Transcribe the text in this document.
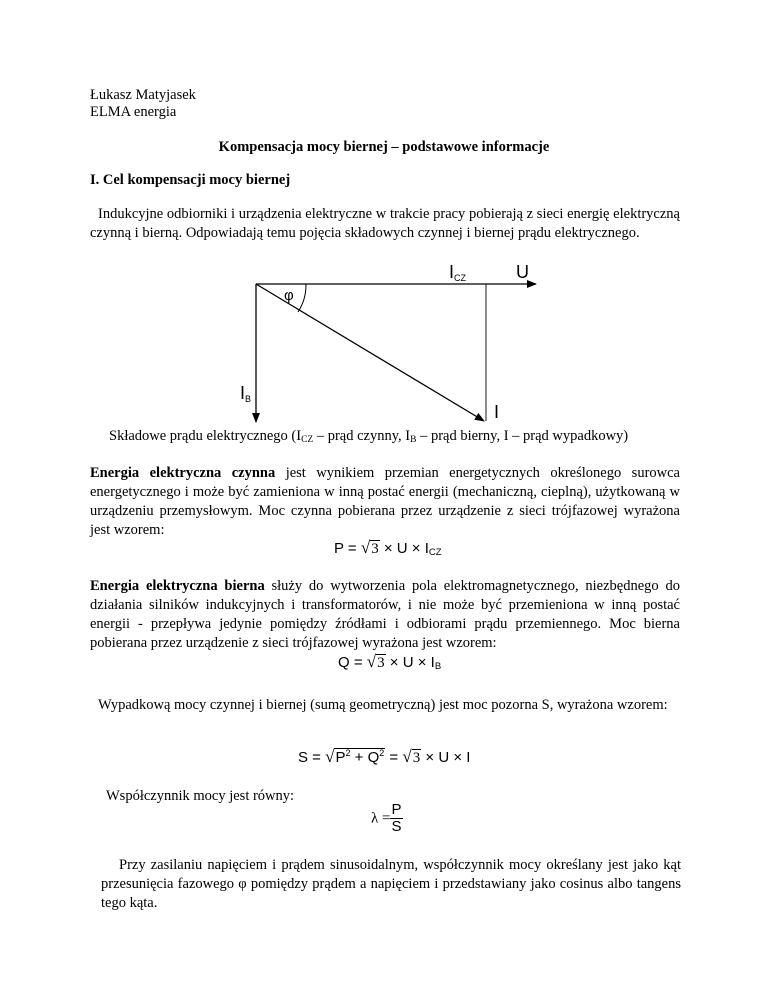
Łukasz Matyjasek

ELMA energia

Kompensacja mocy biernej – podstawowe informacje

I. Cel kompensacji mocy biernej

Indukcyjne odbiorniki i urządzenia elektryczne w trakcie pracy pobierają z sieci energię elektryczną czynną i bierną. Odpowiadają temu pojęcia składowych czynnej i biernej prądu elektrycznego.

ICZ	U
φ
IB
I

Składowe prądu elektrycznego ($I_{CZ}$ – prąd czynny, $I_B$ – prąd bierny, I – prąd wypadkowy)

Energia elektryczna czynna jest wynikiem przemian energetycznych określonego surowca energetycznego i może być zamieniona w inną postać energii (mechaniczną, cieplną), użytkowaną w urządzeniu przemysłowym. Moc czynna pobierana przez urządzenie z sieci trójfazowej wyrażona jest wzorem:

$P = √3 \times U \times I_{CZ}$

Energia elektryczna bierna służy do wytworzenia pola elektromagnetycznego, niezbędnego do działania silników indukcyjnych i transformatorów, i nie może być przemieniona w inną postać energii - przepływa jedynie pomiędzy źródłami i odbiorami prądu przemiennego. Moc bierna pobierana przez urządzenie z sieci trójfazowej wyrażona jest wzorem:

$Q = √3 \times U \times I_B$

Wypadkową mocy czynnej i biernej (sumą geometryczną) jest moc pozorna S, wyrażona wzorem:

$S = √P^2 + Q^2 = √3 \times U \times I$

Współczynnik mocy jest równy:

$\lambda = \frac{P}{S}$

Przy zasilaniu napięciem i prądem sinusoidalnym, współczynnik mocy określany jest jako kąt przesunięcia fazowego φ pomiędzy prądem a napięciem i przedstawiany jako cosinus albo tangens tego kąta.
